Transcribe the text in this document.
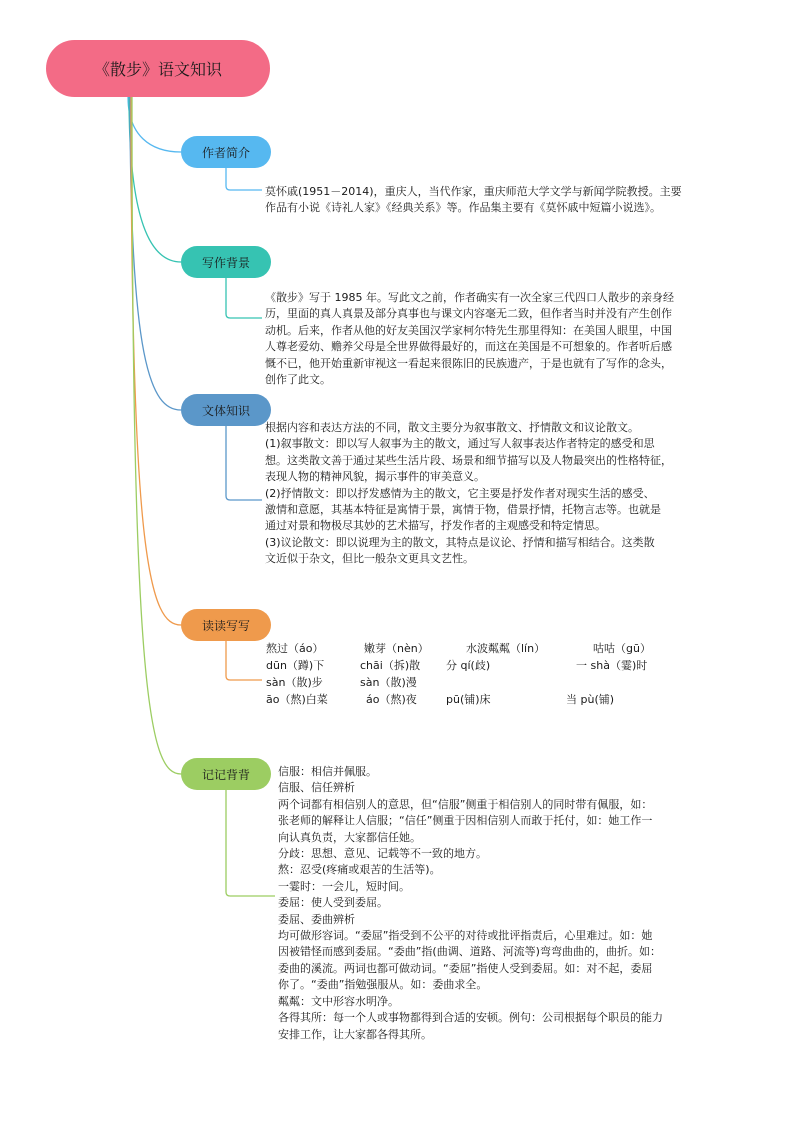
《散步》语文知识
作者简介
写作背景
文体知识
读读写写
记记背背
莫怀戚(1951－2014)，重庆人，当代作家，重庆师范大学文学与新闻学院教授。主要
作品有小说《诗礼人家》《经典关系》等。作品集主要有《莫怀戚中短篇小说选》。
《散步》写于 1985 年。写此文之前，作者确实有一次全家三代四口人散步的亲身经
历，里面的真人真景及部分真事也与课文内容毫无二致，但作者当时并没有产生创作
动机。后来，作者从他的好友美国汉学家柯尔特先生那里得知：在美国人眼里，中国
人尊老爱幼、赡养父母是全世界做得最好的，而这在美国是不可想象的。作者听后感
慨不已，他开始重新审视这一看起来很陈旧的民族遗产，于是也就有了写作的念头，
创作了此文。
根据内容和表达方法的不同，散文主要分为叙事散文、抒情散文和议论散文。
(1)叙事散文：即以写人叙事为主的散文，通过写人叙事表达作者特定的感受和思
想。这类散文善于通过某些生活片段、场景和细节描写以及人物最突出的性格特征，
表现人物的精神风貌，揭示事件的审美意义。
(2)抒情散文：即以抒发感情为主的散文，它主要是抒发作者对现实生活的感受、
激情和意愿，其基本特征是寓情于景，寓情于物，借景抒情，托物言志等。也就是
通过对景和物极尽其妙的艺术描写，抒发作者的主观感受和特定情思。
(3)议论散文：即以说理为主的散文，其特点是议论、抒情和描写相结合。这类散
文近似于杂文，但比一般杂文更具文艺性。
熬过（áo）	嫩芽（nèn）	水波粼粼（lín）	咕咕（gū）
dūn（蹲)下	chāi（拆)散 分 qí(歧)	一 shà（霎)时
sàn（散)步	sàn（散)漫
āo（熬)白菜	áo（熬)夜	pū(铺)床	当 pù(铺)
信服：相信并佩服。
信服、信任辨析
两个词都有相信别人的意思，但“信服”侧重于相信别人的同时带有佩服，如：
张老师的解释让人信服；“信任”侧重于因相信别人而敢于托付，如：她工作一
向认真负责，大家都信任她。
分歧：思想、意见、记载等不一致的地方。
熬：忍受(疼痛或艰苦的生活等)。
一霎时：一会儿，短时间。
委屈：使人受到委屈。
委屈、委曲辨析
均可做形容词。“委屈”指受到不公平的对待或批评指责后，心里难过。如：她
因被错怪而感到委屈。“委曲”指(曲调、道路、河流等)弯弯曲曲的，曲折。如：
委曲的溪流。两词也都可做动词。“委屈”指使人受到委屈。如：对不起，委屈
你了。“委曲”指勉强服从。如：委曲求全。
粼粼：文中形容水明净。
各得其所：每一个人或事物都得到合适的安顿。例句：公司根据每个职员的能力
安排工作，让大家都各得其所。
